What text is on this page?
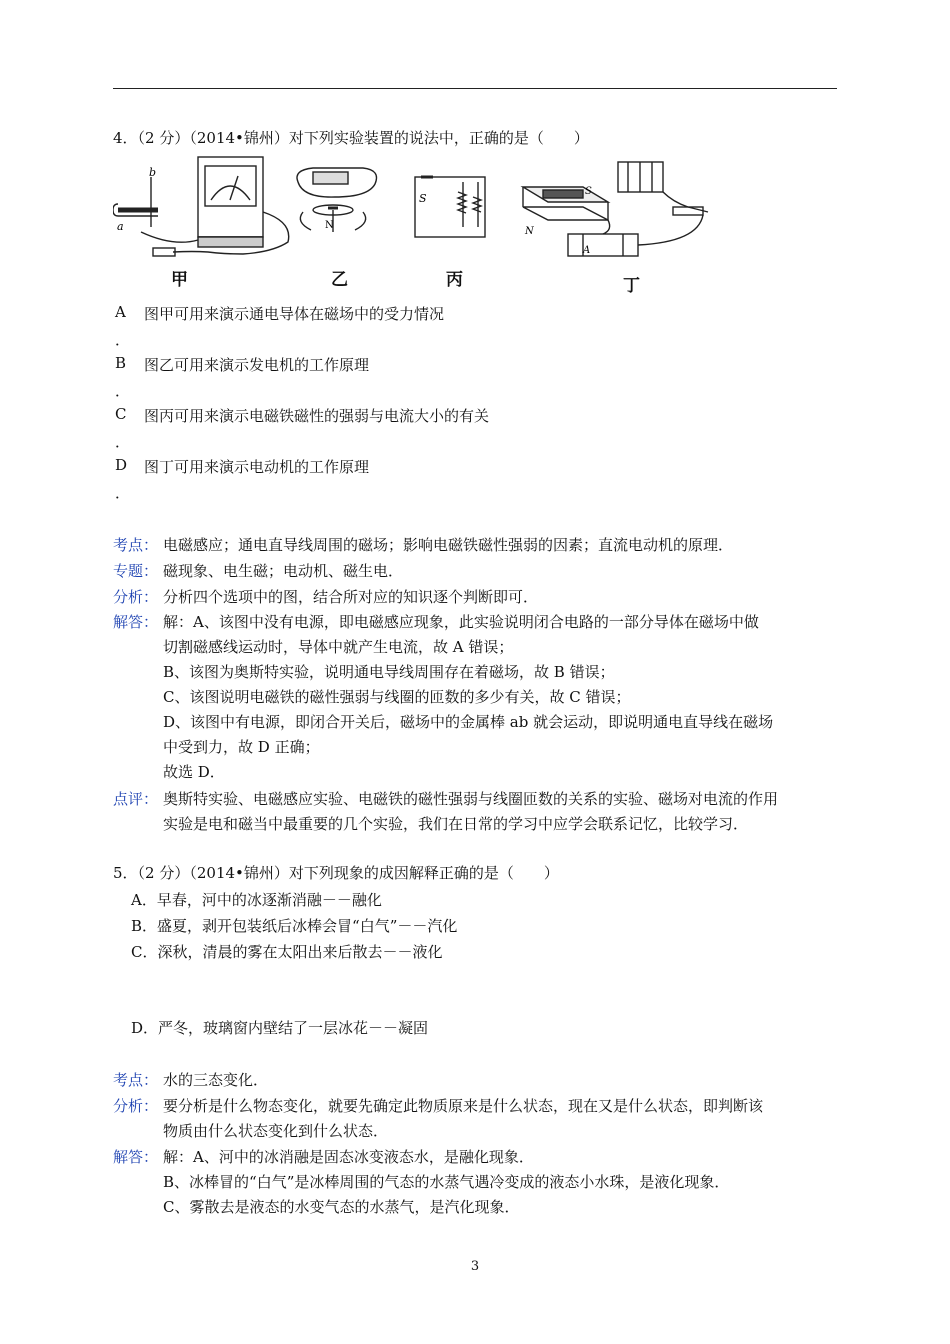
4．（2 分）（2014•锦州）对下列实验装置的说法中，正确的是（　　）
b
a
S
N
S
N
A
甲	乙	丙	丁
A 图甲可用来演示通电导体在磁场中的受力情况
．
B 图乙可用来演示发电机的工作原理
．
C 图丙可用来演示电磁铁磁性的强弱与电流大小的有关
．
D 图丁可用来演示电动机的工作原理
．
考点： 电磁感应；通电直导线周围的磁场；影响电磁铁磁性强弱的因素；直流电动机的原理．
专题： 磁现象、电生磁；电动机、磁生电．
分析： 分析四个选项中的图，结合所对应的知识逐个判断即可．
解答： 解：A、该图中没有电源，即电磁感应现象，此实验说明闭合电路的一部分导体在磁场中做
切割磁感线运动时，导体中就产生电流，故 A 错误；
B、该图为奥斯特实验，说明通电导线周围存在着磁场，故 B 错误；
C、该图说明电磁铁的磁性强弱与线圈的匝数的多少有关，故 C 错误；
D、该图中有电源，即闭合开关后，磁场中的金属棒 ab 就会运动，即说明通电直导线在磁场
中受到力，故 D 正确；
故选 D．
点评： 奥斯特实验、电磁感应实验、电磁铁的磁性强弱与线圈匝数的关系的实验、磁场对电流的作用
实验是电和磁当中最重要的几个实验，我们在日常的学习中应学会联系记忆，比较学习．
5．（2 分）（2014•锦州）对下列现象的成因解释正确的是（　　）
A．早春，河中的冰逐渐消融－－融化
B．盛夏，剥开包装纸后冰棒会冒“白气”－－汽化
C．深秋，清晨的雾在太阳出来后散去－－液化
D．严冬，玻璃窗内壁结了一层冰花－－凝固
考点： 水的三态变化．
分析： 要分析是什么物态变化，就要先确定此物质原来是什么状态，现在又是什么状态，即判断该
物质由什么状态变化到什么状态．
解答： 解：A、河中的冰消融是固态冰变液态水，是融化现象．
B、冰棒冒的“白气”是冰棒周围的气态的水蒸气遇冷变成的液态小水珠，是液化现象．
C、雾散去是液态的水变气态的水蒸气，是汽化现象．
3
